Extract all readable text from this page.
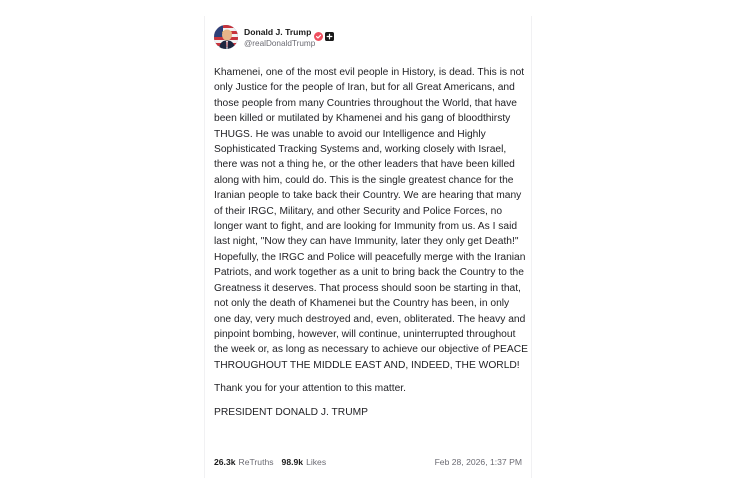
Donald J. Trump
@realDonaldTrump

Khamenei, one of the most evil people in History, is dead. This is not only Justice for the people of Iran, but for all Great Americans, and those people from many Countries throughout the World, that have been killed or mutilated by Khamenei and his gang of bloodthirsty THUGS. He was unable to avoid our Intelligence and Highly Sophisticated Tracking Systems and, working closely with Israel, there was not a thing he, or the other leaders that have been killed along with him, could do. This is the single greatest chance for the Iranian people to take back their Country. We are hearing that many of their IRGC, Military, and other Security and Police Forces, no longer want to fight, and are looking for Immunity from us. As I said last night, "Now they can have Immunity, later they only get Death!" Hopefully, the IRGC and Police will peacefully merge with the Iranian Patriots, and work together as a unit to bring back the Country to the Greatness it deserves. That process should soon be starting in that, not only the death of Khamenei but the Country has been, in only one day, very much destroyed and, even, obliterated. The heavy and pinpoint bombing, however, will continue, uninterrupted throughout the week or, as long as necessary to achieve our objective of PEACE THROUGHOUT THE MIDDLE EAST AND, INDEED, THE WORLD!

Thank you for your attention to this matter.

PRESIDENT DONALD J. TRUMP

26.3k ReTruths 98.9k Likes	Feb 28, 2026, 1:37 PM
